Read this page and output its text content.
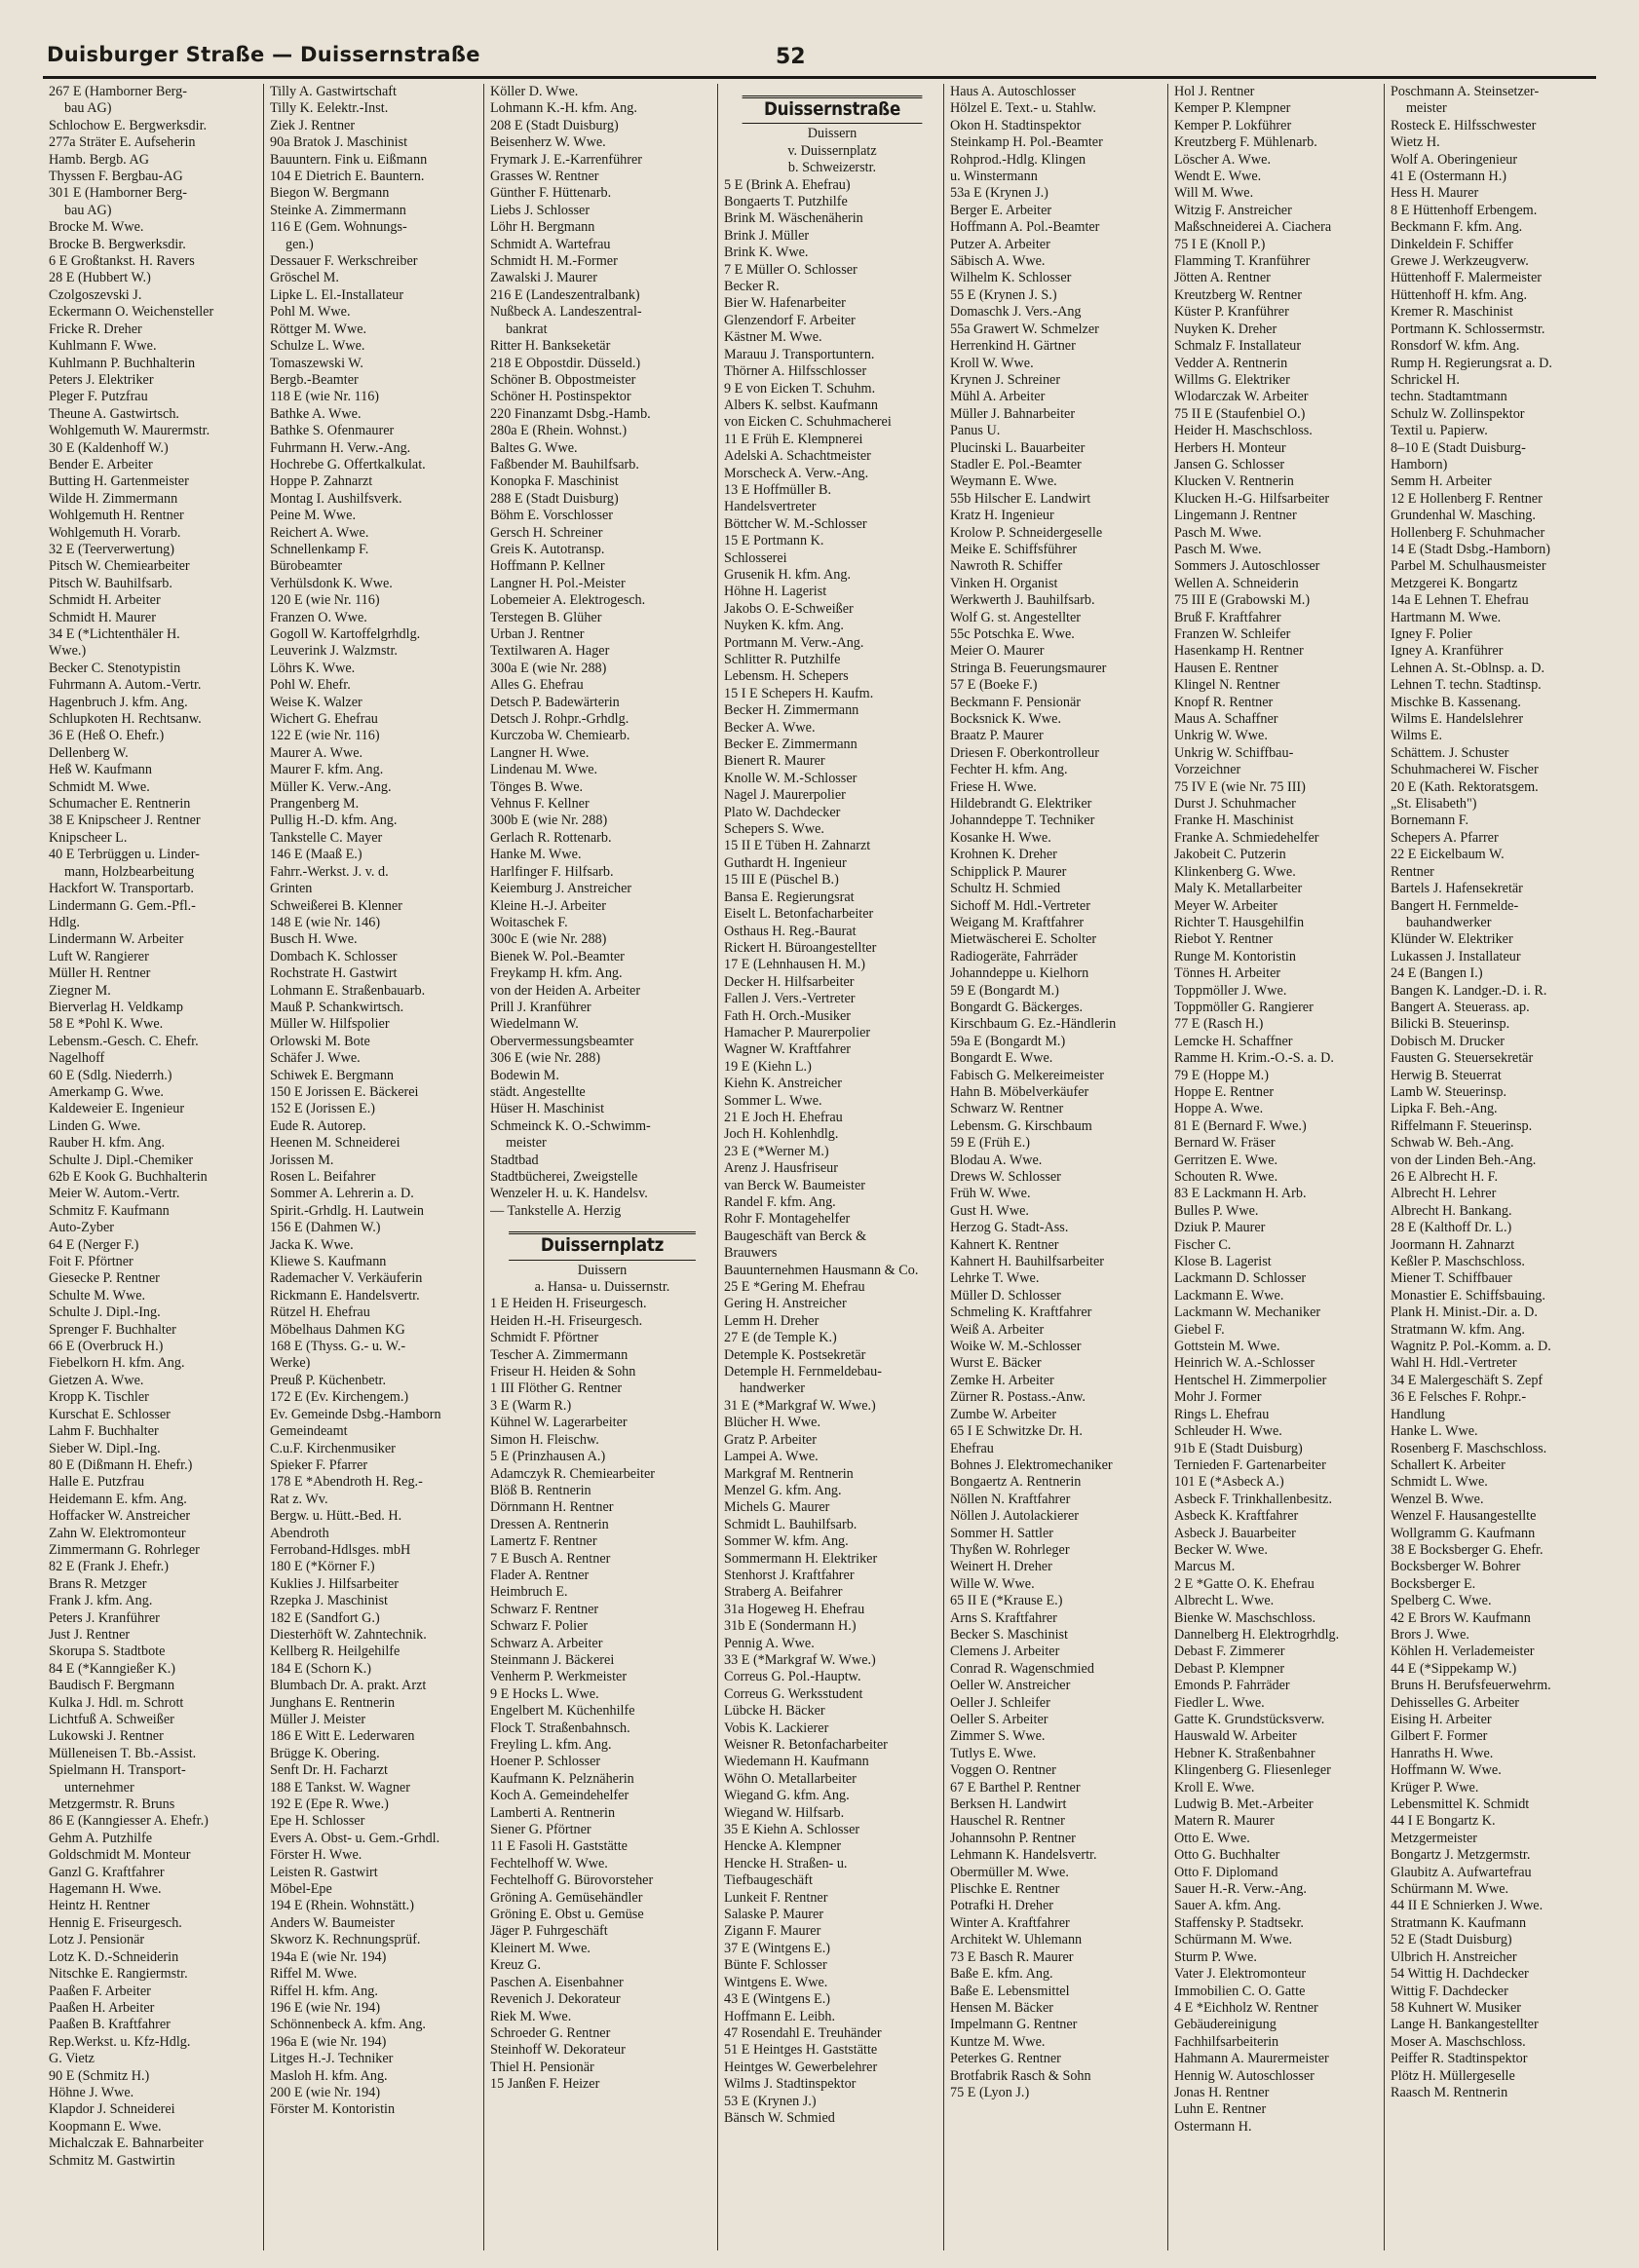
Duisburger Straße — Duissernstraße	52
267 E (Hamborner Berg-
bau AG)
Schlochow E. Bergwerksdir.
277a Sträter E. Aufseherin
Hamb. Bergb. AG
Thyssen F. Bergbau-AG
301 E (Hamborner Berg-
bau AG)
Brocke M. Wwe.
Brocke B. Bergwerksdir.
6 E Großtankst. H. Ravers
28 E (Hubbert W.)
Czolgoszevski J.
Eckermann O. Weichensteller
Fricke R. Dreher
Kuhlmann F. Wwe.
Kuhlmann P. Buchhalterin
Peters J. Elektriker
Pleger F. Putzfrau
Theune A. Gastwirtsch.
Wohlgemuth W. Maurermstr.
30 E (Kaldenhoff W.)
Bender E. Arbeiter
Butting H. Gartenmeister
Wilde H. Zimmermann
Wohlgemuth H. Rentner
Wohlgemuth H. Vorarb.
32 E (Teerverwertung)
Pitsch W. Chemiearbeiter
Pitsch W. Bauhilfsarb.
Schmidt H. Arbeiter
Schmidt H. Maurer
34 E (*Lichtenthäler H.
Wwe.)
Becker C. Stenotypistin
Fuhrmann A. Autom.-Vertr.
Hagenbruch J. kfm. Ang.
Schlupkoten H. Rechtsanw.
36 E (Heß O. Ehefr.)
Dellenberg W.
Heß W. Kaufmann
Schmidt M. Wwe.
Schumacher E. Rentnerin
38 E Knipscheer J. Rentner
Knipscheer L.
40 E Terbrüggen u. Linder-
mann, Holzbearbeitung
Hackfort W. Transportarb.
Lindermann G. Gem.-Pfl.-
Hdlg.
Lindermann W. Arbeiter
Luft W. Rangierer
Müller H. Rentner
Ziegner M.
Bierverlag H. Veldkamp
58 E *Pohl K. Wwe.
Lebensm.-Gesch. C. Ehefr.
Nagelhoff
60 E (Sdlg. Niederrh.)
Amerkamp G. Wwe.
Kaldeweier E. Ingenieur
Linden G. Wwe.
Rauber H. kfm. Ang.
Schulte J. Dipl.-Chemiker
62b E Kook G. Buchhalterin
Meier W. Autom.-Vertr.
Schmitz F. Kaufmann
Auto-Zyber
64 E (Nerger F.)
Foit F. Pförtner
Giesecke P. Rentner
Schulte M. Wwe.
Schulte J. Dipl.-Ing.
Sprenger F. Buchhalter
66 E (Overbruck H.)
Fiebelkorn H. kfm. Ang.
Gietzen A. Wwe.
Kropp K. Tischler
Kurschat E. Schlosser
Lahm F. Buchhalter
Sieber W. Dipl.-Ing.
80 E (Dißmann H. Ehefr.)
Halle E. Putzfrau
Heidemann E. kfm. Ang.
Hoffacker W. Anstreicher
Zahn W. Elektromonteur
Zimmermann G. Rohrleger
82 E (Frank J. Ehefr.)
Brans R. Metzger
Frank J. kfm. Ang.
Peters J. Kranführer
Just J. Rentner
Skorupa S. Stadtbote
84 E (*Kanngießer K.)
Baudisch F. Bergmann
Kulka J. Hdl. m. Schrott
Lichtfuß A. Schweißer
Lukowski J. Rentner
Mülleneisen T. Bb.-Assist.
Spielmann H. Transport-
unternehmer
Metzgermstr. R. Bruns
86 E (Kanngiesser A. Ehefr.)
Gehm A. Putzhilfe
Goldschmidt M. Monteur
Ganzl G. Kraftfahrer
Hagemann H. Wwe.
Heintz H. Rentner
Hennig E. Friseurgesch.
Lotz J. Pensionär
Lotz K. D.-Schneiderin
Nitschke E. Rangiermstr.
Paaßen F. Arbeiter
Paaßen H. Arbeiter
Paaßen B. Kraftfahrer
Rep.Werkst. u. Kfz-Hdlg.
G. Vietz
90 E (Schmitz H.)
Höhne J. Wwe.
Klapdor J. Schneiderei
Koopmann E. Wwe.
Michalczak E. Bahnarbeiter
Schmitz M. Gastwirtin
Tilly A. Gastwirtschaft
Tilly K. Eelektr.-Inst.
Ziek J. Rentner
90a Bratok J. Maschinist
Bauuntern. Fink u. Eißmann
104 E Dietrich E. Bauntern.
Biegon W. Bergmann
Steinke A. Zimmermann
116 E (Gem. Wohnungs-
gen.)
Dessauer F. Werkschreiber
Gröschel M.
Lipke L. El.-Installateur
Pohl M. Wwe.
Röttger M. Wwe.
Schulze L. Wwe.
Tomaszewski W.
Bergb.-Beamter
118 E (wie Nr. 116)
Bathke A. Wwe.
Bathke S. Ofenmaurer
Fuhrmann H. Verw.-Ang.
Hochrebe G. Offertkalkulat.
Hoppe P. Zahnarzt
Montag I. Aushilfsverk.
Peine M. Wwe.
Reichert A. Wwe.
Schnellenkamp F.
Bürobeamter
Verhülsdonk K. Wwe.
120 E (wie Nr. 116)
Franzen O. Wwe.
Gogoll W. Kartoffelgrhdlg.
Leuverink J. Walzmstr.
Löhrs K. Wwe.
Pohl W. Ehefr.
Weise K. Walzer
Wichert G. Ehefrau
122 E (wie Nr. 116)
Maurer A. Wwe.
Maurer F. kfm. Ang.
Müller K. Verw.-Ang.
Prangenberg M.
Pullig H.-D. kfm. Ang.
Tankstelle C. Mayer
146 E (Maaß E.)
Fahrr.-Werkst. J. v. d.
Grinten
Schweißerei B. Klenner
148 E (wie Nr. 146)
Busch H. Wwe.
Dombach K. Schlosser
Rochstrate H. Gastwirt
Lohmann E. Straßenbauarb.
Mauß P. Schankwirtsch.
Müller W. Hilfspolier
Orlowski M. Bote
Schäfer J. Wwe.
Schiwek E. Bergmann
150 E Jorissen E. Bäckerei
152 E (Jorissen E.)
Eude R. Autorep.
Heenen M. Schneiderei
Jorissen M.
Rosen L. Beifahrer
Sommer A. Lehrerin a. D.
Spirit.-Grhdlg. H. Lautwein
156 E (Dahmen W.)
Jacka K. Wwe.
Kliewe S. Kaufmann
Rademacher V. Verkäuferin
Rickmann E. Handelsvertr.
Rützel H. Ehefrau
Möbelhaus Dahmen KG
168 E (Thyss. G.- u. W.-
Werke)
Preuß P. Küchenbetr.
172 E (Ev. Kirchengem.)
Ev. Gemeinde Dsbg.-Hamborn
Gemeindeamt
C.u.F. Kirchenmusiker
Spieker F. Pfarrer
178 E *Abendroth H. Reg.-
Rat z. Wv.
Bergw. u. Hütt.-Bed. H.
Abendroth
Ferroband-Hdlsges. mbH
180 E (*Körner F.)
Kuklies J. Hilfsarbeiter
Rzepka J. Maschinist
182 E (Sandfort G.)
Diesterhöft W. Zahntechnik.
Kellberg R. Heilgehilfe
184 E (Schorn K.)
Blumbach Dr. A. prakt. Arzt
Junghans E. Rentnerin
Müller J. Meister
186 E Witt E. Lederwaren
Brügge K. Obering.
Senft Dr. H. Facharzt
188 E Tankst. W. Wagner
192 E (Epe R. Wwe.)
Epe H. Schlosser
Evers A. Obst- u. Gem.-Grhdl.
Förster H. Wwe.
Leisten R. Gastwirt
Möbel-Epe
194 E (Rhein. Wohnstätt.)
Anders W. Baumeister
Skworz K. Rechnungsprüf.
194a E (wie Nr. 194)
Riffel M. Wwe.
Riffel H. kfm. Ang.
196 E (wie Nr. 194)
Schönnenbeck A. kfm. Ang.
196a E (wie Nr. 194)
Litges H.-J. Techniker
Masloh H. kfm. Ang.
200 E (wie Nr. 194)
Förster M. Kontoristin
Köller D. Wwe.
Lohmann K.-H. kfm. Ang.
208 E (Stadt Duisburg)
Beisenherz W. Wwe.
Frymark J. E.-Karrenführer
Grasses W. Rentner
Günther F. Hüttenarb.
Liebs J. Schlosser
Löhr H. Bergmann
Schmidt A. Wartefrau
Schmidt H. M.-Former
Zawalski J. Maurer
216 E (Landeszentralbank)
Nußbeck A. Landeszentral-
bankrat
Ritter H. Bankseketär
218 E Obpostdir. Düsseld.)
Schöner B. Obpostmeister
Schöner H. Postinspektor
220 Finanzamt Dsbg.-Hamb.
280a E (Rhein. Wohnst.)
Baltes G. Wwe.
Faßbender M. Bauhilfsarb.
Konopka F. Maschinist
288 E (Stadt Duisburg)
Böhm E. Vorschlosser
Gersch H. Schreiner
Greis K. Autotransp.
Hoffmann P. Kellner
Langner H. Pol.-Meister
Lobemeier A. Elektrogesch.
Terstegen B. Glüher
Urban J. Rentner
Textilwaren A. Hager
300a E (wie Nr. 288)
Alles G. Ehefrau
Detsch P. Badewärterin
Detsch J. Rohpr.-Grhdlg.
Kurczoba W. Chemiearb.
Langner H. Wwe.
Lindenau M. Wwe.
Tönges B. Wwe.
Vehnus F. Kellner
300b E (wie Nr. 288)
Gerlach R. Rottenarb.
Hanke M. Wwe.
Harlfinger F. Hilfsarb.
Keiemburg J. Anstreicher
Kleine H.-J. Arbeiter
Woitaschek F.
300c E (wie Nr. 288)
Bienek W. Pol.-Beamter
Freykamp H. kfm. Ang.
von der Heiden A. Arbeiter
Prill J. Kranführer
Wiedelmann W.
Obervermessungsbeamter
306 E (wie Nr. 288)
Bodewin M.
städt. Angestellte
Hüser H. Maschinist
Schmeinck K. O.-Schwimm-
meister
Stadtbad
Stadtbücherei, Zweigstelle
Wenzeler H. u. K. Handelsv.
— Tankstelle A. Herzig
Duissernplatz
Duissern
a. Hansa- u. Duissernstr.
1 E Heiden H. Friseurgesch.
Heiden H.-H. Friseurgesch.
Schmidt F. Pförtner
Tescher A. Zimmermann
Friseur H. Heiden & Sohn
1 III Flöther G. Rentner
3 E (Warm R.)
Kühnel W. Lagerarbeiter
Simon H. Fleischw.
5 E (Prinzhausen A.)
Adamczyk R. Chemiearbeiter
Blöß B. Rentnerin
Dörnmann H. Rentner
Dressen A. Rentnerin
Lamertz F. Rentner
7 E Busch A. Rentner
Flader A. Rentner
Heimbruch E.
Schwarz F. Rentner
Schwarz F. Polier
Schwarz A. Arbeiter
Steinmann J. Bäckerei
Venherm P. Werkmeister
9 E Hocks L. Wwe.
Engelbert M. Küchenhilfe
Flock T. Straßenbahnsch.
Freyling L. kfm. Ang.
Hoener P. Schlosser
Kaufmann K. Pelznäherin
Koch A. Gemeindehelfer
Lamberti A. Rentnerin
Siener G. Pförtner
11 E Fasoli H. Gaststätte
Fechtelhoff W. Wwe.
Fechtelhoff G. Bürovorsteher
Gröning A. Gemüsehändler
Gröning E. Obst u. Gemüse
Jäger P. Fuhrgeschäft
Kleinert M. Wwe.
Kreuz G.
Paschen A. Eisenbahner
Revenich J. Dekorateur
Riek M. Wwe.
Schroeder G. Rentner
Steinhoff W. Dekorateur
Thiel H. Pensionär
15 Janßen F. Heizer
Duissernstraße
Duissern
v. Duissernplatz
b. Schweizerstr.
5 E (Brink A. Ehefrau)
Bongaerts T. Putzhilfe
Brink M. Wäschenäherin
Brink J. Müller
Brink K. Wwe.
7 E Müller O. Schlosser
Becker R.
Bier W. Hafenarbeiter
Glenzendorf F. Arbeiter
Kästner M. Wwe.
Marauu J. Transportuntern.
Thörner A. Hilfsschlosser
9 E von Eicken T. Schuhm.
Albers K. selbst. Kaufmann
von Eicken C. Schuhmacherei
11 E Früh E. Klempnerei
Adelski A. Schachtmeister
Morscheck A. Verw.-Ang.
13 E Hoffmüller B.
Handelsvertreter
Böttcher W. M.-Schlosser
15 E Portmann K.
Schlosserei
Grusenik H. kfm. Ang.
Höhne H. Lagerist
Jakobs O. E-Schweißer
Nuyken K. kfm. Ang.
Portmann M. Verw.-Ang.
Schlitter R. Putzhilfe
Lebensm. H. Schepers
15 I E Schepers H. Kaufm.
Becker H. Zimmermann
Becker A. Wwe.
Becker E. Zimmermann
Bienert R. Maurer
Knolle W. M.-Schlosser
Nagel J. Maurerpolier
Plato W. Dachdecker
Schepers S. Wwe.
15 II E Tüben H. Zahnarzt
Guthardt H. Ingenieur
15 III E (Püschel B.)
Bansa E. Regierungsrat
Eiselt L. Betonfacharbeiter
Osthaus H. Reg.-Baurat
Rickert H. Büroangestellter
17 E (Lehnhausen H. M.)
Decker H. Hilfsarbeiter
Fallen J. Vers.-Vertreter
Fath H. Orch.-Musiker
Hamacher P. Maurerpolier
Wagner W. Kraftfahrer
19 E (Kiehn L.)
Kiehn K. Anstreicher
Sommer L. Wwe.
21 E Joch H. Ehefrau
Joch H. Kohlenhdlg.
23 E (*Werner M.)
Arenz J. Hausfriseur
van Berck W. Baumeister
Randel F. kfm. Ang.
Rohr F. Montagehelfer
Baugeschäft van Berck &
Brauwers
Bauunternehmen Hausmann & Co.
25 E *Gering M. Ehefrau
Gering H. Anstreicher
Lemm H. Dreher
27 E (de Temple K.)
Detemple K. Postsekretär
Detemple H. Fernmeldebau-
handwerker
31 E (*Markgraf W. Wwe.)
Blücher H. Wwe.
Gratz P. Arbeiter
Lampei A. Wwe.
Markgraf M. Rentnerin
Menzel G. kfm. Ang.
Michels G. Maurer
Schmidt L. Bauhilfsarb.
Sommer W. kfm. Ang.
Sommermann H. Elektriker
Stenhorst J. Kraftfahrer
Straberg A. Beifahrer
31a Hogeweg H. Ehefrau
31b E (Sondermann H.)
Pennig A. Wwe.
33 E (*Markgraf W. Wwe.)
Correus G. Pol.-Hauptw.
Correus G. Werksstudent
Lübcke H. Bäcker
Vobis K. Lackierer
Weisner R. Betonfacharbeiter
Wiedemann H. Kaufmann
Wöhn O. Metallarbeiter
Wiegand G. kfm. Ang.
Wiegand W. Hilfsarb.
35 E Kiehn A. Schlosser
Hencke A. Klempner
Hencke H. Straßen- u.
Tiefbaugeschäft
Lunkeit F. Rentner
Salaske P. Maurer
Zigann F. Maurer
37 E (Wintgens E.)
Bünte F. Schlosser
Wintgens E. Wwe.
43 E (Wintgens E.)
Hoffmann E. Leibh.
47 Rosendahl E. Treuhänder
51 E Heintges H. Gaststätte
Heintges W. Gewerbelehrer
Wilms J. Stadtinspektor
53 E (Krynen J.)
Bänsch W. Schmied
Haus A. Autoschlosser
Hölzel E. Text.- u. Stahlw.
Okon H. Stadtinspektor
Steinkamp H. Pol.-Beamter
Rohprod.-Hdlg. Klingen
u. Winstermann
53a E (Krynen J.)
Berger E. Arbeiter
Hoffmann A. Pol.-Beamter
Putzer A. Arbeiter
Säbisch A. Wwe.
Wilhelm K. Schlosser
55 E (Krynen J. S.)
Domaschk J. Vers.-Ang
55a Grawert W. Schmelzer
Herrenkind H. Gärtner
Kroll W. Wwe.
Krynen J. Schreiner
Mühl A. Arbeiter
Müller J. Bahnarbeiter
Panus U.
Plucinski L. Bauarbeiter
Stadler E. Pol.-Beamter
Weymann E. Wwe.
55b Hilscher E. Landwirt
Kratz H. Ingenieur
Krolow P. Schneidergeselle
Meike E. Schiffsführer
Nawroth R. Schiffer
Vinken H. Organist
Werkwerth J. Bauhilfsarb.
Wolf G. st. Angestellter
55c Potschka E. Wwe.
Meier O. Maurer
Stringa B. Feuerungsmaurer
57 E (Boeke F.)
Beckmann F. Pensionär
Bocksnick K. Wwe.
Braatz P. Maurer
Driesen F. Oberkontrolleur
Fechter H. kfm. Ang.
Friese H. Wwe.
Hildebrandt G. Elektriker
Johanndeppe T. Techniker
Kosanke H. Wwe.
Krohnen K. Dreher
Schipplick P. Maurer
Schultz H. Schmied
Sichoff M. Hdl.-Vertreter
Weigang M. Kraftfahrer
Mietwäscherei E. Scholter
Radiogeräte, Fahrräder
Johanndeppe u. Kielhorn
59 E (Bongardt M.)
Bongardt G. Bäckerges.
Kirschbaum G. Ez.-Händlerin
59a E (Bongardt M.)
Bongardt E. Wwe.
Fabisch G. Melkereimeister
Hahn B. Möbelverkäufer
Schwarz W. Rentner
Lebensm. G. Kirschbaum
59 E (Früh E.)
Blodau A. Wwe.
Drews W. Schlosser
Früh W. Wwe.
Gust H. Wwe.
Herzog G. Stadt-Ass.
Kahnert K. Rentner
Kahnert H. Bauhilfsarbeiter
Lehrke T. Wwe.
Müller D. Schlosser
Schmeling K. Kraftfahrer
Weiß A. Arbeiter
Woike W. M.-Schlosser
Wurst E. Bäcker
Zemke H. Arbeiter
Zürner R. Postass.-Anw.
Zumbe W. Arbeiter
65 I E Schwitzke Dr. H.
Ehefrau
Bohnes J. Elektromechaniker
Bongaertz A. Rentnerin
Nöllen N. Kraftfahrer
Nöllen J. Autolackierer
Sommer H. Sattler
Thyßen W. Rohrleger
Weinert H. Dreher
Wille W. Wwe.
65 II E (*Krause E.)
Arns S. Kraftfahrer
Becker S. Maschinist
Clemens J. Arbeiter
Conrad R. Wagenschmied
Oeller W. Anstreicher
Oeller J. Schleifer
Oeller S. Arbeiter
Zimmer S. Wwe.
Tutlys E. Wwe.
Voggen O. Rentner
67 E Barthel P. Rentner
Berksen H. Landwirt
Hauschel R. Rentner
Johannsohn P. Rentner
Lehmann K. Handelsvertr.
Obermüller M. Wwe.
Plischke E. Rentner
Potrafki H. Dreher
Winter A. Kraftfahrer
Architekt W. Uhlemann
73 E Basch R. Maurer
Baße E. kfm. Ang.
Baße E. Lebensmittel
Hensen M. Bäcker
Impelmann G. Rentner
Kuntze M. Wwe.
Peterkes G. Rentner
Brotfabrik Rasch & Sohn
75 E (Lyon J.)
Hol J. Rentner
Kemper P. Klempner
Kemper P. Lokführer
Kreutzberg F. Mühlenarb.
Löscher A. Wwe.
Wendt E. Wwe.
Will M. Wwe.
Witzig F. Anstreicher
Maßschneiderei A. Ciachera
75 I E (Knoll P.)
Flamming T. Kranführer
Jötten A. Rentner
Kreutzberg W. Rentner
Küster P. Kranführer
Nuyken K. Dreher
Schmalz F. Installateur
Vedder A. Rentnerin
Willms G. Elektriker
Wlodarczak W. Arbeiter
75 II E (Staufenbiel O.)
Heider H. Maschschloss.
Herbers H. Monteur
Jansen G. Schlosser
Klucken V. Rentnerin
Klucken H.-G. Hilfsarbeiter
Lingemann J. Rentner
Pasch M. Wwe.
Pasch M. Wwe.
Sommers J. Autoschlosser
Wellen A. Schneiderin
75 III E (Grabowski M.)
Bruß F. Kraftfahrer
Franzen W. Schleifer
Hasenkamp H. Rentner
Hausen E. Rentner
Klingel N. Rentner
Knopf R. Rentner
Maus A. Schaffner
Unkrig W. Wwe.
Unkrig W. Schiffbau-
Vorzeichner
75 IV E (wie Nr. 75 III)
Durst J. Schuhmacher
Franke H. Maschinist
Franke A. Schmiedehelfer
Jakobeit C. Putzerin
Klinkenberg G. Wwe.
Maly K. Metallarbeiter
Meyer W. Arbeiter
Richter T. Hausgehilfin
Riebot Y. Rentner
Runge M. Kontoristin
Tönnes H. Arbeiter
Toppmöller J. Wwe.
Toppmöller G. Rangierer
77 E (Rasch H.)
Lemcke H. Schaffner
Ramme H. Krim.-O.-S. a. D.
79 E (Hoppe M.)
Hoppe E. Rentner
Hoppe A. Wwe.
81 E (Bernard F. Wwe.)
Bernard W. Fräser
Gerritzen E. Wwe.
Schouten R. Wwe.
83 E Lackmann H. Arb.
Bulles P. Wwe.
Dziuk P. Maurer
Fischer C.
Klose B. Lagerist
Lackmann D. Schlosser
Lackmann E. Wwe.
Lackmann W. Mechaniker
Giebel F.
Gottstein M. Wwe.
Heinrich W. A.-Schlosser
Hentschel H. Zimmerpolier
Mohr J. Former
Rings L. Ehefrau
Schleuder H. Wwe.
91b E (Stadt Duisburg)
Terniеden F. Gartenarbeiter
101 E (*Asbeck A.)
Asbeck F. Trinkhallenbesitz.
Asbeck K. Kraftfahrer
Asbeck J. Bauarbeiter
Becker W. Wwe.
Marcus M.
2 E *Gatte O. K. Ehefrau
Albrecht L. Wwe.
Bienke W. Maschschloss.
Dannelberg H. Elektrogrhdlg.
Debast F. Zimmerer
Debast P. Klempner
Emonds P. Fahrräder
Fiedler L. Wwe.
Gatte K. Grundstücksverw.
Hauswald W. Arbeiter
Hebner K. Straßenbahner
Klingenberg G. Fliesenleger
Kroll E. Wwe.
Ludwig B. Met.-Arbeiter
Matern R. Maurer
Otto E. Wwe.
Otto G. Buchhalter
Otto F. Diplomand
Sauer H.-R. Verw.-Ang.
Sauer A. kfm. Ang.
Staffensky P. Stadtsekr.
Schürmann M. Wwe.
Sturm P. Wwe.
Vater J. Elektromonteur
Immobilien C. O. Gatte
4 E *Eichholz W. Rentner
Gebäudereinigung
Fachhilfsarbeiterin
Hahmann A. Maurermeister
Hennig W. Autoschlosser
Jonas H. Rentner
Luhn E. Rentner
Ostermann H.
Poschmann A. Steinsetzer-
meister
Rosteck E. Hilfsschwester
Wietz H.
Wolf A. Oberingenieur
41 E (Ostermann H.)
Hess H. Maurer
8 E Hüttenhoff Erbengem.
Beckmann F. kfm. Ang.
Dinkeldein F. Schiffer
Grewe J. Werkzeugverw.
Hüttenhoff F. Malermeister
Hüttenhoff H. kfm. Ang.
Kremer R. Maschinist
Portmann K. Schlossermstr.
Ronsdorf W. kfm. Ang.
Rump H. Regierungsrat a. D.
Schrickel H.
techn. Stadtamtmann
Schulz W. Zollinspektor
Textil u. Papierw.
8–10 E (Stadt Duisburg-
Hamborn)
Semm H. Arbeiter
12 E Hollenberg F. Rentner
Grundenhal W. Masching.
Hollenberg F. Schuhmacher
14 E (Stadt Dsbg.-Hamborn)
Parbel M. Schulhausmeister
Metzgerei K. Bongartz
14a E Lehnen T. Ehefrau
Hartmann M. Wwe.
Igney F. Polier
Igney A. Kranführer
Lehnen A. St.-Oblnsp. a. D.
Lehnen T. techn. Stadtinsp.
Mischke B. Kassenang.
Wilms E. Handelslehrer
Wilms E.
Schättem. J. Schuster
Schuhmacherei W. Fischer
20 E (Kath. Rektoratsgem.
„St. Elisabeth")
Bornemann F.
Schepers A. Pfarrer
22 E Eickelbaum W.
Rentner
Bartels J. Hafensekretär
Bangert H. Fernmelde-
bauhandwerker
Klünder W. Elektriker
Lukassen J. Installateur
24 E (Bangen I.)
Bangen K. Landger.-D. i. R.
Bangert A. Steuerass. ap.
Bilicki B. Steuerinsp.
Dobisch M. Drucker
Fausten G. Steuersekretär
Herwig B. Steuerrat
Lamb W. Steuerinsp.
Lipka F. Beh.-Ang.
Riffelmann F. Steuerinsp.
Schwab W. Beh.-Ang.
von der Linden Beh.-Ang.
26 E Albrecht H. F.
Albrecht H. Lehrer
Albrecht H. Bankang.
28 E (Kalthoff Dr. L.)
Joormann H. Zahnarzt
Keßler P. Maschschloss.
Miener T. Schiffbauer
Monastier E. Schiffsbauing.
Plank H. Minist.-Dir. a. D.
Stratmann W. kfm. Ang.
Wagnitz P. Pol.-Komm. a. D.
Wahl H. Hdl.-Vertreter
34 E Malergeschäft S. Zepf
36 E Felsches F. Rohpr.-
Handlung
Hanke L. Wwe.
Rosenberg F. Maschschloss.
Schallert K. Arbeiter
Schmidt L. Wwe.
Wenzel B. Wwe.
Wenzel F. Hausangestellte
Wollgramm G. Kaufmann
38 E Bocksberger G. Ehefr.
Bocksberger W. Bohrer
Bocksberger E.
Spelberg C. Wwe.
42 E Brors W. Kaufmann
Brors J. Wwe.
Köhlen H. Verlademeister
44 E (*Sippekamp W.)
Bruns H. Berufsfeuerwehrm.
Dehisselles G. Arbeiter
Eising H. Arbeiter
Gilbert F. Former
Hanraths H. Wwe.
Hoffmann W. Wwe.
Krüger P. Wwe.
Lebensmittel K. Schmidt
44 I E Bongartz K.
Metzgermeister
Bongartz J. Metzgermstr.
Glaubitz A. Aufwartefrau
Schürmann M. Wwe.
44 II E Schnierken J. Wwe.
Stratmann K. Kaufmann
52 E (Stadt Duisburg)
Ulbrich H. Anstreicher
54 Wittig H. Dachdecker
Wittig F. Dachdecker
58 Kuhnert W. Musiker
Lange H. Bankangestellter
Moser A. Maschschloss.
Peiffer R. Stadtinspektor
Plötz H. Müllergeselle
Raasch M. Rentnerin
